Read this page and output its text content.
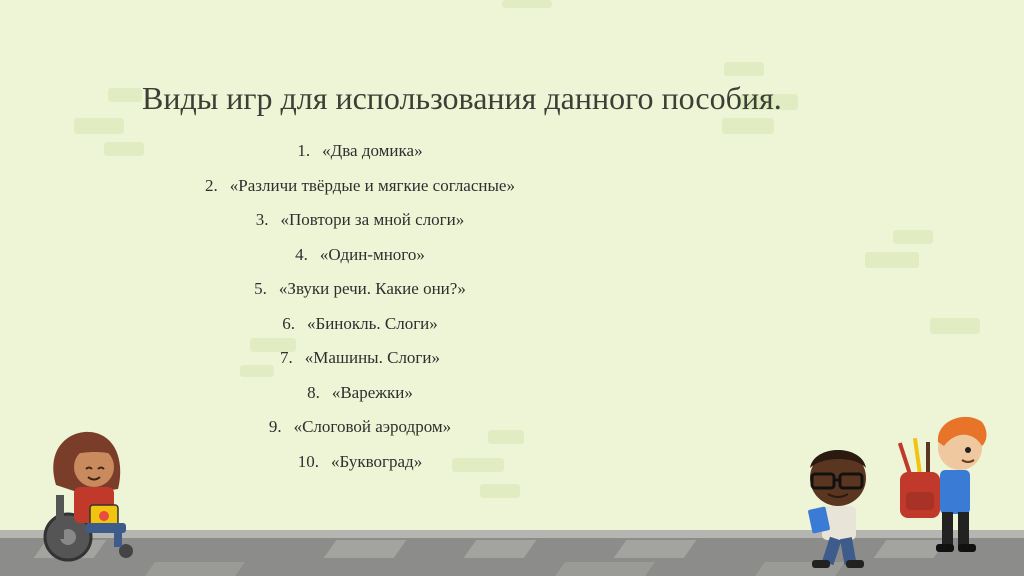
Виды игр для использования данного пособия.
1. «Два домика»
2. «Различи твёрдые и мягкие согласные»
3. «Повтори за мной слоги»
4. «Один-много»
5. «Звуки речи. Какие они?»
6. «Бинокль. Слоги»
7. «Машины. Слоги»
8. «Варежки»
9. «Слоговой аэродром»
10. «Буквоград»
